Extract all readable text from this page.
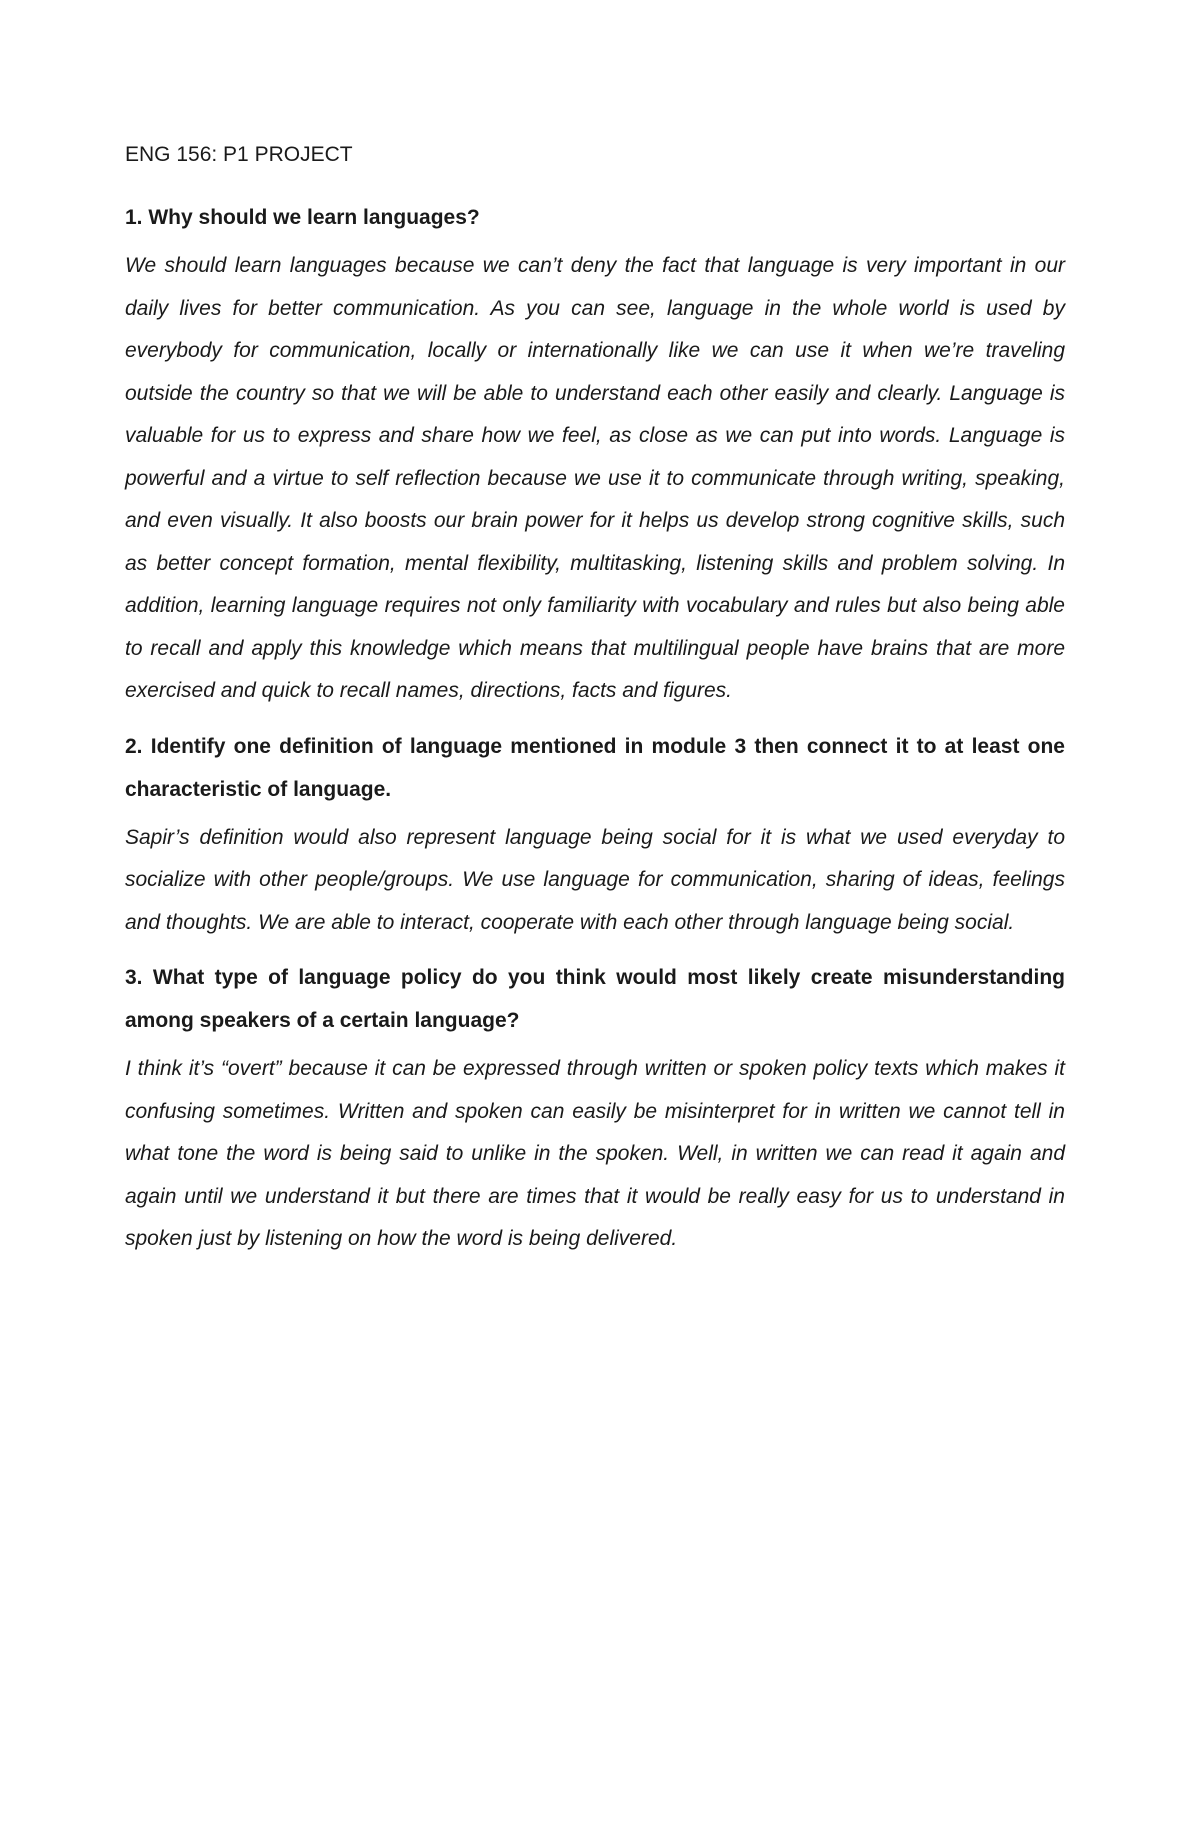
ENG 156: P1 PROJECT

1. Why should we learn languages?

We should learn languages because we can’t deny the fact that language is very important in our daily lives for better communication. As you can see, language in the whole world is used by everybody for communication, locally or internationally like we can use it when we’re traveling outside the country so that we will be able to understand each other easily and clearly. Language is valuable for us to express and share how we feel, as close as we can put into words. Language is powerful and a virtue to self reflection because we use it to communicate through writing, speaking, and even visually. It also boosts our brain power for it helps us develop strong cognitive skills, such as better concept formation, mental flexibility, multitasking, listening skills and problem solving. In addition, learning language requires not only familiarity with vocabulary and rules but also being able to recall and apply this knowledge which means that multilingual people have brains that are more exercised and quick to recall names, directions, facts and figures.

2. Identify one definition of language mentioned in module 3 then connect it to at least one characteristic of language.

Sapir’s definition would also represent language being social for it is what we used everyday to socialize with other people/groups. We use language for communication, sharing of ideas, feelings and thoughts. We are able to interact, cooperate with each other through language being social.

3. What type of language policy do you think would most likely create misunderstanding among speakers of a certain language?

I think it’s “overt” because it can be expressed through written or spoken policy texts which makes it confusing sometimes. Written and spoken can easily be misinterpret for in written we cannot tell in what tone the word is being said to unlike in the spoken. Well, in written we can read it again and again until we understand it but there are times that it would be really easy for us to understand in spoken just by listening on how the word is being delivered.
